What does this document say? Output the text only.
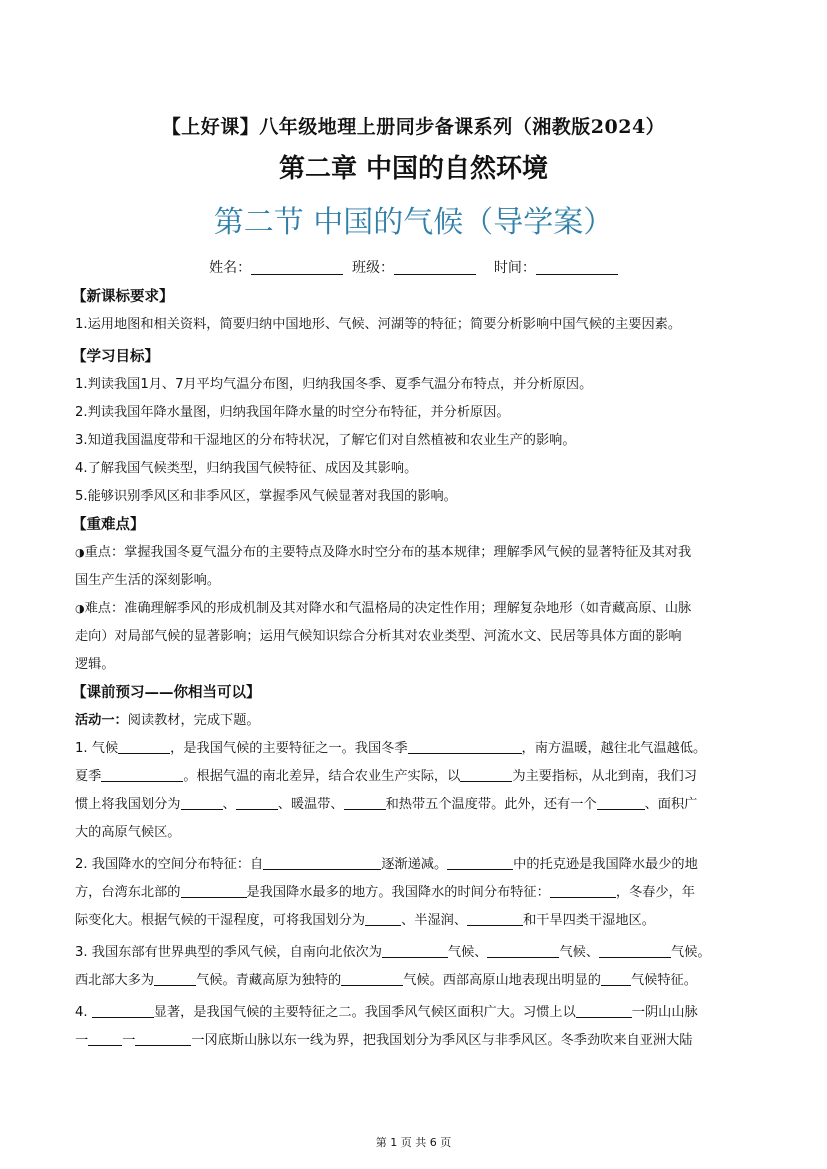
【上好课】八年级地理上册同步备课系列（湘教版2024）
第二章 中国的自然环境
第二节 中国的气候（导学案）
姓名：	班级：	时间：
【新课标要求】

1.运用地图和相关资料，简要归纳中国地形、气候、河湖等的特征；简要分析影响中国气候的主要因素。

【学习目标】

1.判读我国1月、7月平均气温分布图，归纳我国冬季、夏季气温分布特点，并分析原因。

2.判读我国年降水量图，归纳我国年降水量的时空分布特征，并分析原因。

3.知道我国温度带和干湿地区的分布特状况，了解它们对自然植被和农业生产的影响。

4.了解我国气候类型，归纳我国气候特征、成因及其影响。

5.能够识别季风区和非季风区，掌握季风气候显著对我国的影响。

【重难点】

◑重点：掌握我国冬夏气温分布的主要特点及降水时空分布的基本规律；理解季风气候的显著特征及其对我

国生产生活的深刻影响。

◑难点：准确理解季风的形成机制及其对降水和气温格局的决定性作用；理解复杂地形（如青藏高原、山脉

走向）对局部气候的显著影响；运用气候知识综合分析其对农业类型、河流水文、民居等具体方面的影响

逻辑。

【课前预习——你相当可以】

活动一：阅读教材，完成下题。

1. 气候	，是我国气候的主要特征之一。我国冬季	，南方温暖，越往北气温越低。

夏季	。根据气温的南北差异，结合农业生产实际，以	为主要指标，从北到南，我们习

惯上将我国划分为	、	、暖温带、	和热带五个温度带。此外，还有一个	、面积广

大的高原气候区。

2. 我国降水的空间分布特征：自	逐渐递减。	中的托克逊是我国降水最少的地

方，台湾东北部的	是我国降水最多的地方。我国降水的时间分布特征：	，冬春少，年

际变化大。根据气候的干湿程度，可将我国划分为	、半湿润、	和干旱四类干湿地区。

3. 我国东部有世界典型的季风气候，自南向北依次为	气候、	气候、	气候。

西北部大多为	气候。青藏高原为独特的	气候。西部高原山地表现出明显的 气候特征。

4.	显著，是我国气候的主要特征之二。我国季风气候区面积广大。习惯上以	一阴山山脉

一	一	一冈底斯山脉以东一线为界，把我国划分为季风区与非季风区。冬季劲吹来自亚洲大陆

第 1 页 共 6 页
